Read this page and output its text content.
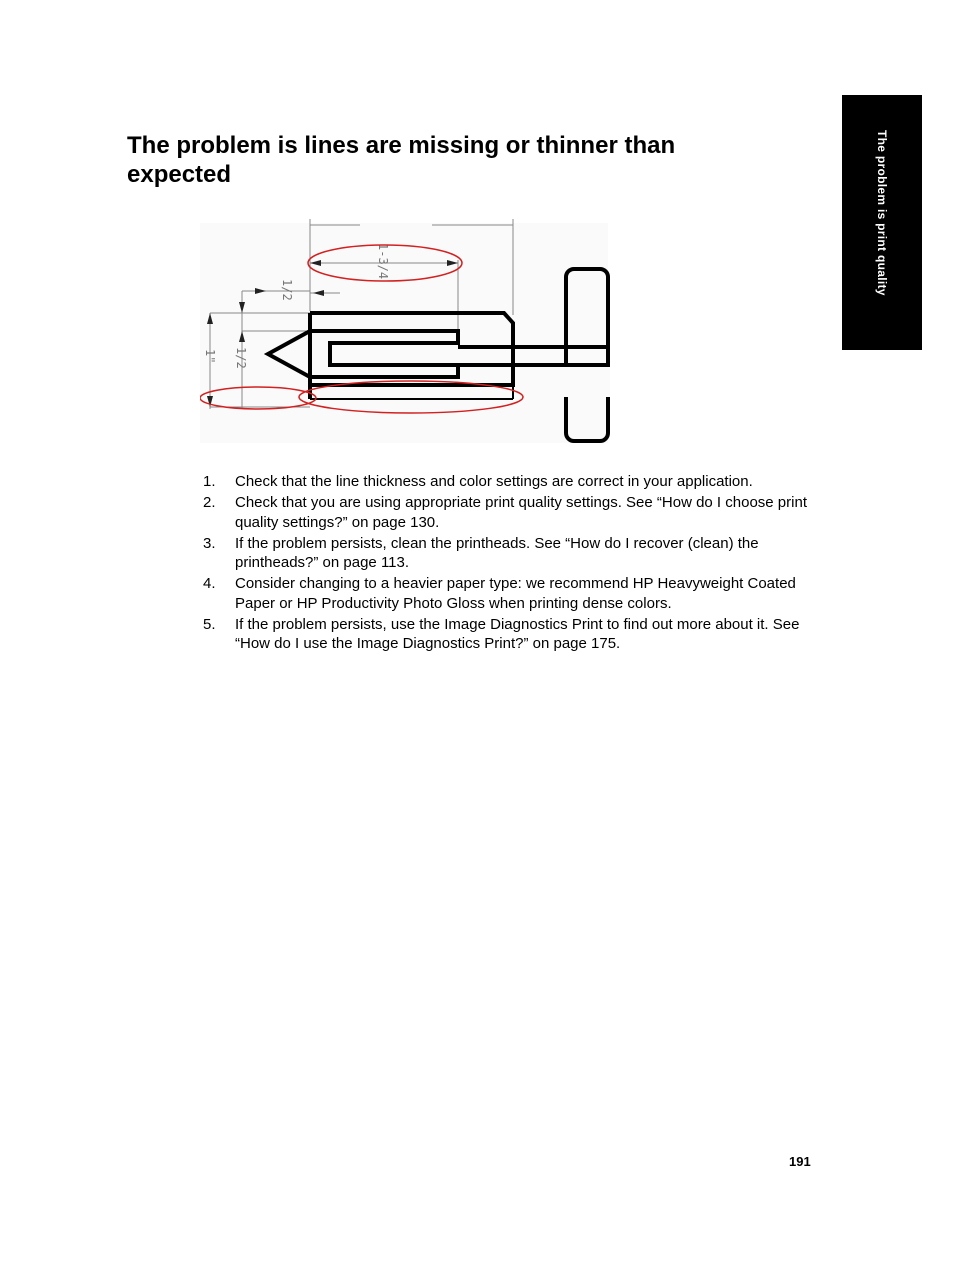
The problem is print quality
The problem is lines are missing or thinner than expected
1-3/4
1/2
1/2
1"
1. Check that the line thickness and color settings are correct in your application.
2. Check that you are using appropriate print quality settings. See “How do I choose print quality settings?” on page 130.
3. If the problem persists, clean the printheads. See “How do I recover (clean) the printheads?” on page 113.
4. Consider changing to a heavier paper type: we recommend HP Heavyweight Coated Paper or HP Productivity Photo Gloss when printing dense colors.
5. If the problem persists, use the Image Diagnostics Print to find out more about it. See “How do I use the Image Diagnostics Print?” on page 175.
191
